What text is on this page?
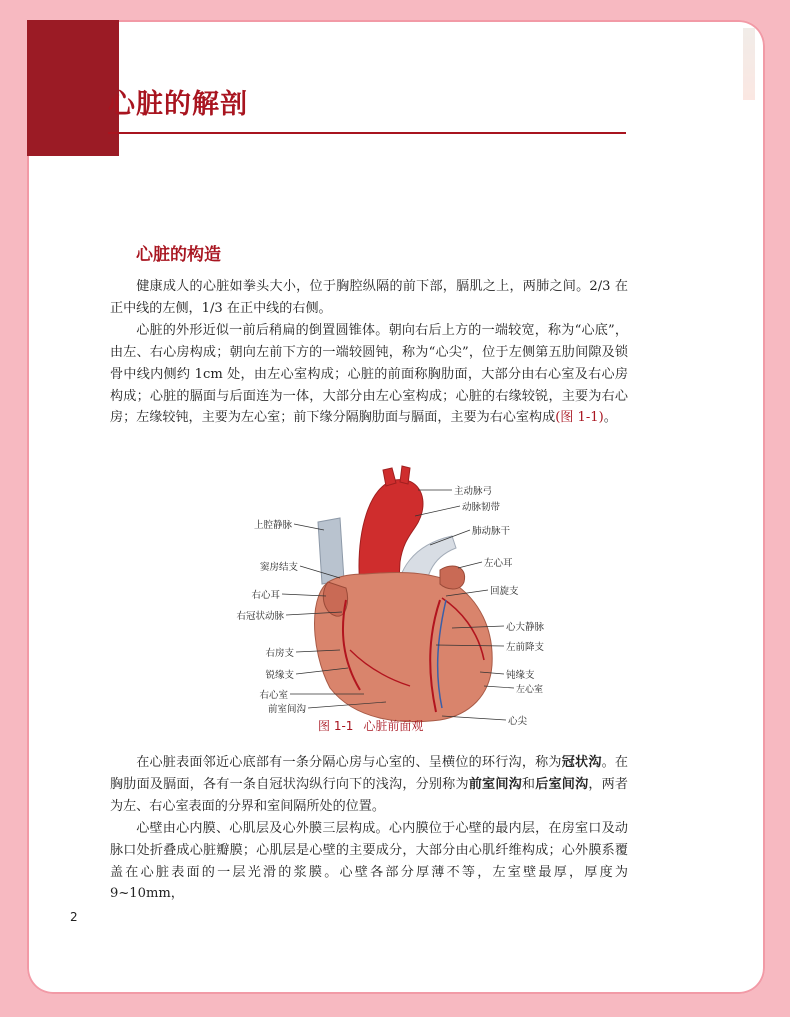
心脏的解剖
心脏的构造

健康成人的心脏如拳头大小，位于胸腔纵隔的前下部，膈肌之上，两肺之间。2/3 在正中线的左侧，1/3 在正中线的右侧。

心脏的外形近似一前后稍扁的倒置圆锥体。朝向右后上方的一端较宽，称为“心底”，由左、右心房构成；朝向左前下方的一端较圆钝，称为“心尖”，位于左侧第五肋间隙及锁骨中线内侧约 1cm 处，由左心室构成；心脏的前面称胸肋面，大部分由右心室及右心房构成；心脏的膈面与后面连为一体，大部分由左心室构成；心脏的右缘较锐，主要为右心房；左缘较钝，主要为左心室；前下缘分隔胸肋面与膈面，主要为右心室构成(图 1-1)。

主动脉弓
动脉韧带
肺动脉干
左心耳
回旋支
心大静脉
左前降支
钝缘支
左心室
心尖
上腔静脉
窦房结支
右心耳
右冠状动脉
右房支
锐缘支
右心室
前室间沟
图 1-1 心脏前面观

在心脏表面邻近心底部有一条分隔心房与心室的、呈横位的环行沟，称为冠状沟。在胸肋面及膈面，各有一条自冠状沟纵行向下的浅沟，分别称为前室间沟和后室间沟，两者为左、右心室表面的分界和室间隔所处的位置。

心壁由心内膜、心肌层及心外膜三层构成。心内膜位于心壁的最内层，在房室口及动脉口处折叠成心脏瓣膜；心肌层是心壁的主要成分，大部分由心肌纤维构成；心外膜系覆盖在心脏表面的一层光滑的浆膜。心壁各部分厚薄不等，左室壁最厚，厚度为 9~10mm，

2
